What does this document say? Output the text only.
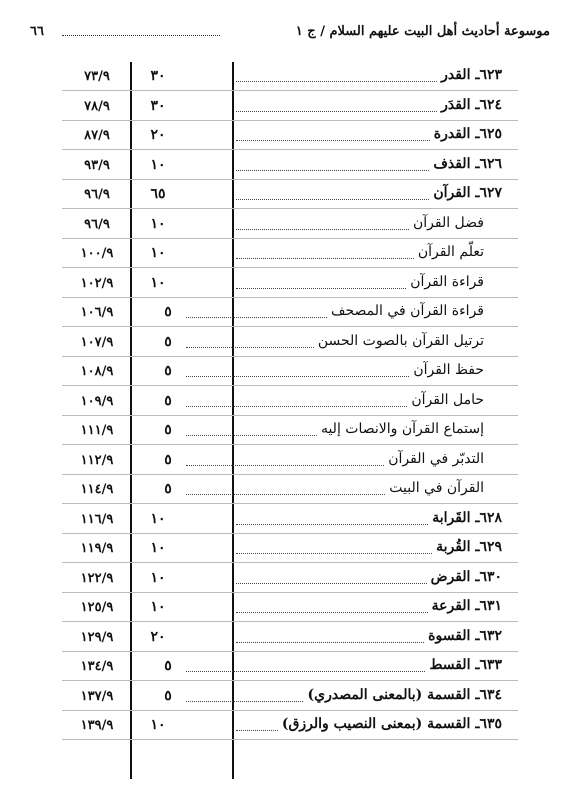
٦٦	موسوعة أحاديث أهل البيت عليهم السلام / ج ١
٧٣/٩	٣٠	٦٢٣ـ القدر
٧٨/٩	٣٠	٦٢٤ـ القدَر
٨٧/٩	٢٠	٦٢٥ـ القدرة
٩٣/٩	١٠	٦٢٦ـ القذف
٩٦/٩	٦٥	٦٢٧ـ القرآن
٩٦/٩	١٠	فضل القرآن
١٠٠/٩	١٠	تعلّم القرآن
١٠٢/٩	١٠	قراءة القرآن
١٠٦/٩	٥	قراءة القرآن في المصحف
١٠٧/٩	٥	ترتيل القرآن بالصوت الحسن
١٠٨/٩	٥	حفظ القرآن
١٠٩/٩	٥	حامل القرآن
١١١/٩	٥	إستماع القرآن والانصات إليه
١١٢/٩	٥	التدبّر في القرآن
١١٤/٩	٥	القرآن في البيت
١١٦/٩	١٠	٦٢٨ـ القَرابة
١١٩/٩	١٠	٦٢٩ـ القُربة
١٢٢/٩	١٠	٦٣٠ـ القرض
١٢٥/٩	١٠	٦٣١ـ القرعة
١٢٩/٩	٢٠	٦٣٢ـ القسوة
١٣٤/٩	٥	٦٣٣ـ القسط
١٣٧/٩	٥	٦٣٤ـ القسمة (بالمعنى المصدري)
١٣٩/٩	١٠	٦٣٥ـ القسمة (بمعنى النصيب والرزق)
